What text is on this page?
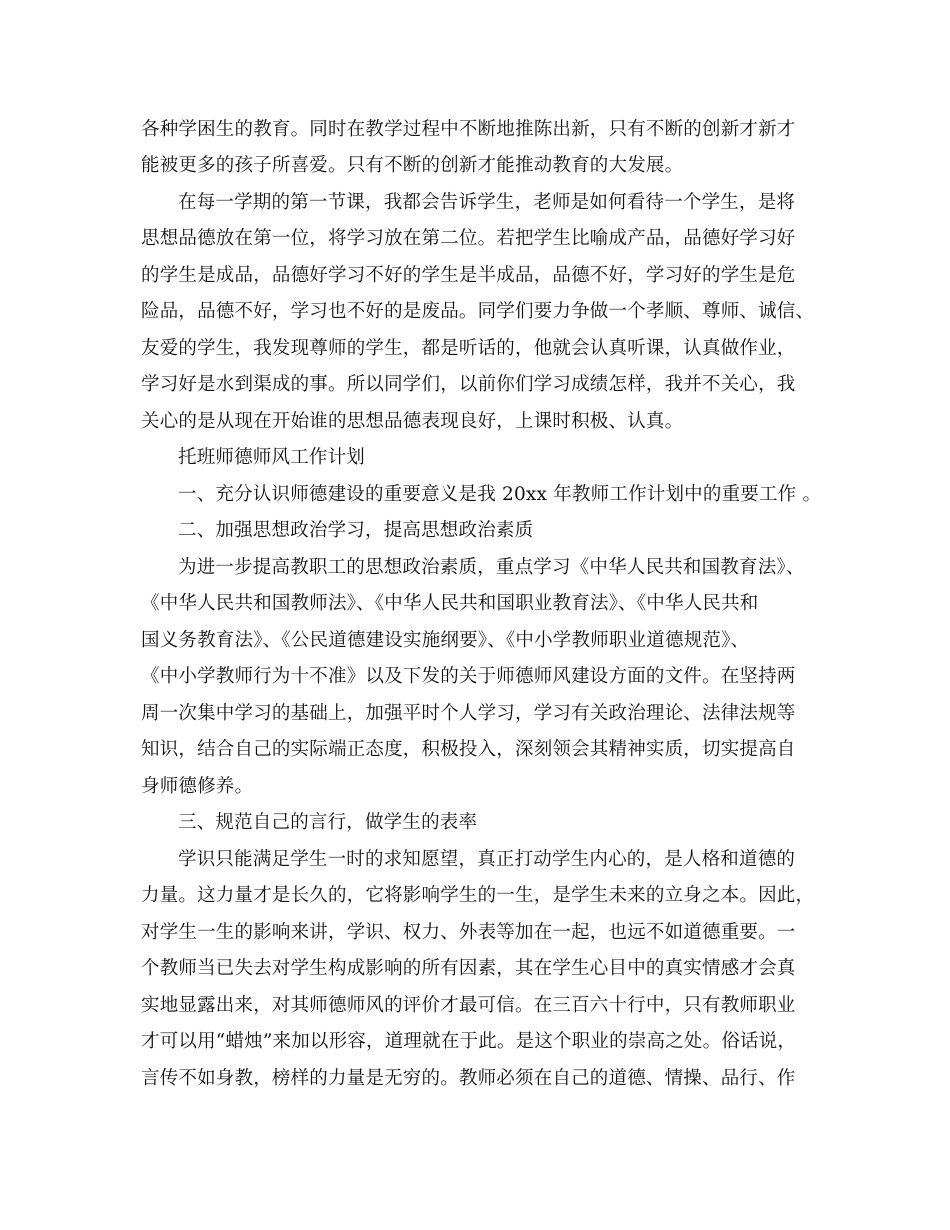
各种学困生的教育。同时在教学过程中不断地推陈出新，只有不断的创新才新才
能被更多的孩子所喜爱。只有不断的创新才能推动教育的大发展。
在每一学期的第一节课，我都会告诉学生，老师是如何看待一个学生，是将
思想品德放在第一位，将学习放在第二位。若把学生比喻成产品，品德好学习好
的学生是成品，品德好学习不好的学生是半成品，品德不好，学习好的学生是危
险品，品德不好，学习也不好的是废品。同学们要力争做一个孝顺、尊师、诚信、
友爱的学生，我发现尊师的学生，都是听话的，他就会认真听课，认真做作业，
学习好是水到渠成的事。所以同学们，以前你们学习成绩怎样，我并不关心，我
关心的是从现在开始谁的思想品德表现良好，上课时积极、认真。
托班师德师风工作计划
一、充分认识师德建设的重要意义是我 20xx 年教师工作计划中的重要工作 。
二、加强思想政治学习，提高思想政治素质
为进一步提高教职工的思想政治素质，重点学习《中华人民共和国教育法》、
《中华人民共和国教师法》、《中华人民共和国职业教育法》、《中华人民共和
国义务教育法》、《公民道德建设实施纲要》、《中小学教师职业道德规范》、
《中小学教师行为十不准》以及下发的关于师德师风建设方面的文件。在坚持两
周一次集中学习的基础上，加强平时个人学习，学习有关政治理论、法律法规等
知识，结合自己的实际端正态度，积极投入，深刻领会其精神实质，切实提高自
身师德修养。
三、规范自己的言行，做学生的表率
学识只能满足学生一时的求知愿望，真正打动学生内心的，是人格和道德的
力量。这力量才是长久的，它将影响学生的一生，是学生未来的立身之本。因此，
对学生一生的影响来讲，学识、权力、外表等加在一起，也远不如道德重要。一
个教师当已失去对学生构成影响的所有因素，其在学生心目中的真实情感才会真
实地显露出来，对其师德师风的评价才最可信。在三百六十行中，只有教师职业
才可以用“蜡烛”来加以形容，道理就在于此。是这个职业的崇高之处。俗话说，
言传不如身教，榜样的力量是无穷的。教师必须在自己的道德、情操、品行、作
